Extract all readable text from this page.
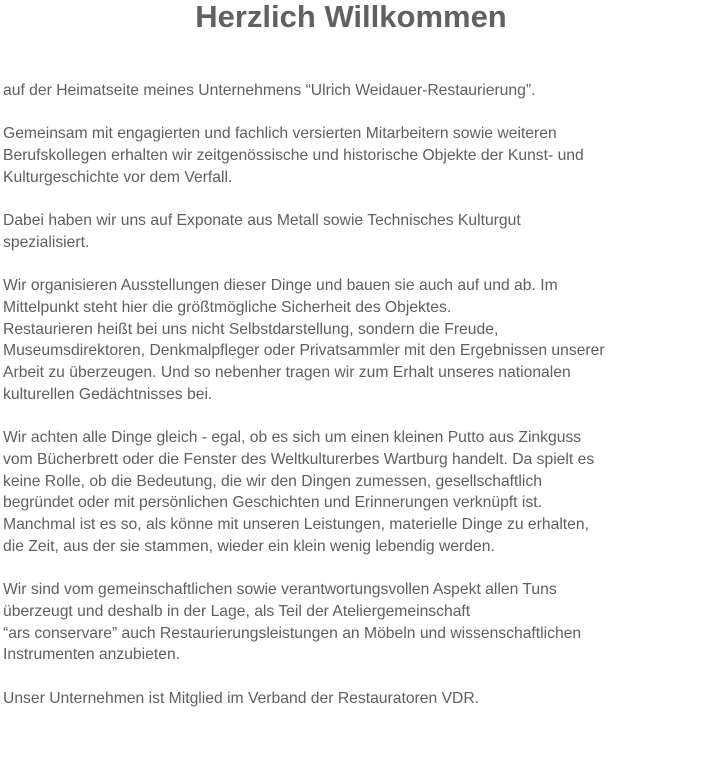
Herzlich Willkommen

auf der Heimatseite meines Unternehmens “Ulrich Weidauer-Restaurierung”.

Gemeinsam mit engagierten und fachlich versierten Mitarbeitern sowie weiteren
Berufskollegen erhalten wir zeitgenössische und historische Objekte der Kunst- und
Kulturgeschichte vor dem Verfall.

Dabei haben wir uns auf Exponate aus Metall sowie Technisches Kulturgut
spezialisiert.

Wir organisieren Ausstellungen dieser Dinge und bauen sie auch auf und ab. Im
Mittelpunkt steht hier die größtmögliche Sicherheit des Objektes.
Restaurieren heißt bei uns nicht Selbstdarstellung, sondern die Freude,
Museumsdirektoren, Denkmalpfleger oder Privatsammler mit den Ergebnissen unserer
Arbeit zu überzeugen. Und so nebenher tragen wir zum Erhalt unseres nationalen
kulturellen Gedächtnisses bei.

Wir achten alle Dinge gleich - egal, ob es sich um einen kleinen Putto aus Zinkguss
vom Bücherbrett oder die Fenster des Weltkulturerbes Wartburg handelt. Da spielt es
keine Rolle, ob die Bedeutung, die wir den Dingen zumessen, gesellschaftlich
begründet oder mit persönlichen Geschichten und Erinnerungen verknüpft ist.
Manchmal ist es so, als könne mit unseren Leistungen, materielle Dinge zu erhalten,
die Zeit, aus der sie stammen, wieder ein klein wenig lebendig werden.

Wir sind vom gemeinschaftlichen sowie verantwortungsvollen Aspekt allen Tuns
überzeugt und deshalb in der Lage, als Teil der Ateliergemeinschaft
“ars conservare” auch Restaurierungsleistungen an Möbeln und wissenschaftlichen
Instrumenten anzubieten.

Unser Unternehmen ist Mitglied im Verband der Restauratoren VDR.
